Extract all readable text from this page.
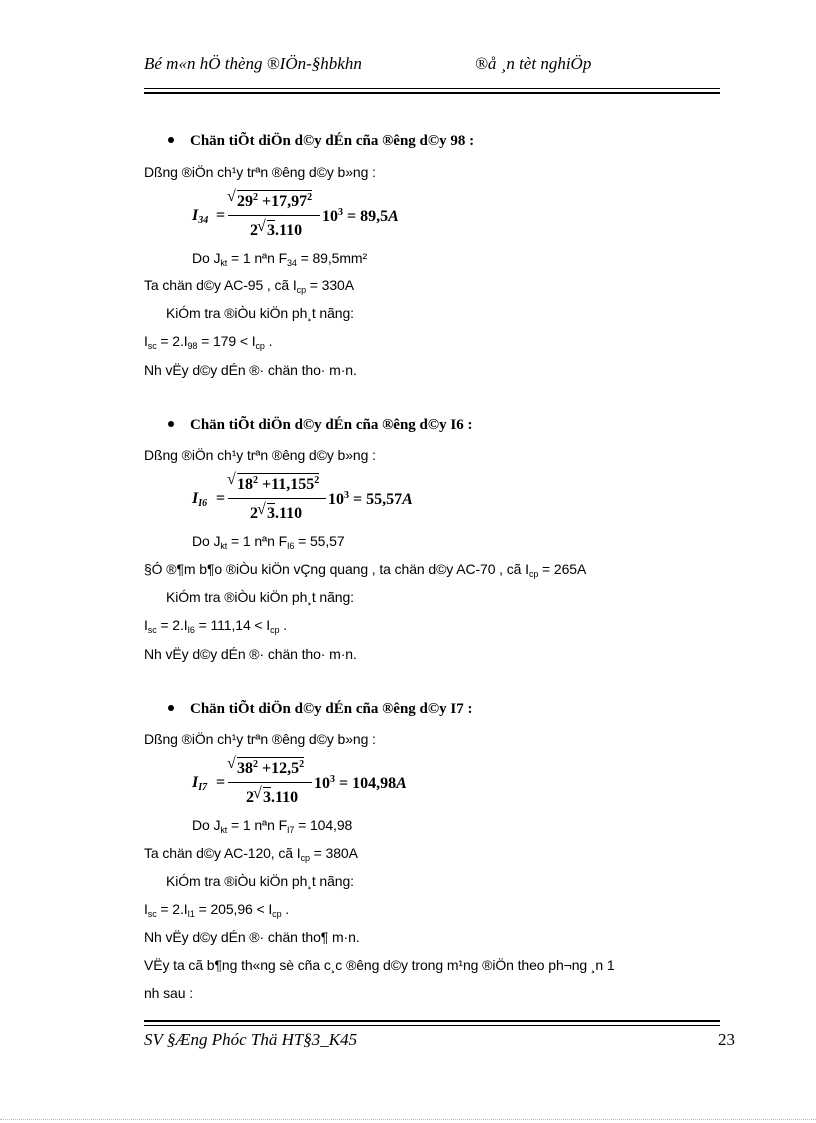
Bé m«n hÖ thèng ®IÖn-§hbkhn	®å ¸n tèt nghiÖp
Chän tiÕt diÖn d©y dÉn cña ®êng d©y 98 :
Dßng ®iÖn ch¹y trªn ®êng d©y b»ng :
$I_{34}$ =
√ $29^2 +17,97^2$
2 √ 3.110
$10^3 = 89,5A$
Do $J_{kt} = 1$ nªn $F_{34} = 89,5mm^2$
Ta chän d©y AC-95 , cã $I_{cp} = 330A$
KiÓm tra ®iÒu kiÖn ph¸t nãng:
$I_{sc} = 2.I_{98} = 179 < I_{cp}$ .
Nh vËy d©y dÉn ®· chän tho· m·n.
Chän tiÕt diÖn d©y dÉn cña ®êng d©y I6 :
Dßng ®iÖn ch¹y trªn ®êng d©y b»ng :
$I_{I6}$ =
√ $18^2 +11,155^2$
2 √ 3.110
$10^3 = 55,57A$
Do $J_{kt} = 1$ nªn $F_{I6} = 55,57$
§Ó ®¶m b¶o ®iÒu kiÖn vÇng quang , ta chän d©y AC-70 , cã $I_{cp} = 265A$
KiÓm tra ®iÒu kiÖn ph¸t nãng:
$I_{sc} = 2.I_{I6} = 111,14 < I_{cp}$ .
Nh vËy d©y dÉn ®· chän tho· m·n.
Chän tiÕt diÖn d©y dÉn cña ®êng d©y I7 :
Dßng ®iÖn ch¹y trªn ®êng d©y b»ng :
$I_{I7}$ =
√ $38^2 +12,5^2$
2 √ 3.110
$10^3 = 104,98A$
Do $J_{kt} = 1$ nªn $F_{I7} = 104,98$
Ta chän d©y AC-120, cã $I_{cp} = 380A$
KiÓm tra ®iÒu kiÖn ph¸t nãng:
$I_{sc} = 2.I_{I1} = 205,96 < I_{cp}$ .
Nh vËy d©y dÉn ®· chän tho¶ m·n.
VËy ta cã b¶ng th«ng sè cña c¸c ®êng d©y trong m¹ng ®iÖn theo ph¬ng ¸n 1
nh sau :
SV §Æng Phóc Thä HT§3_K45	23
